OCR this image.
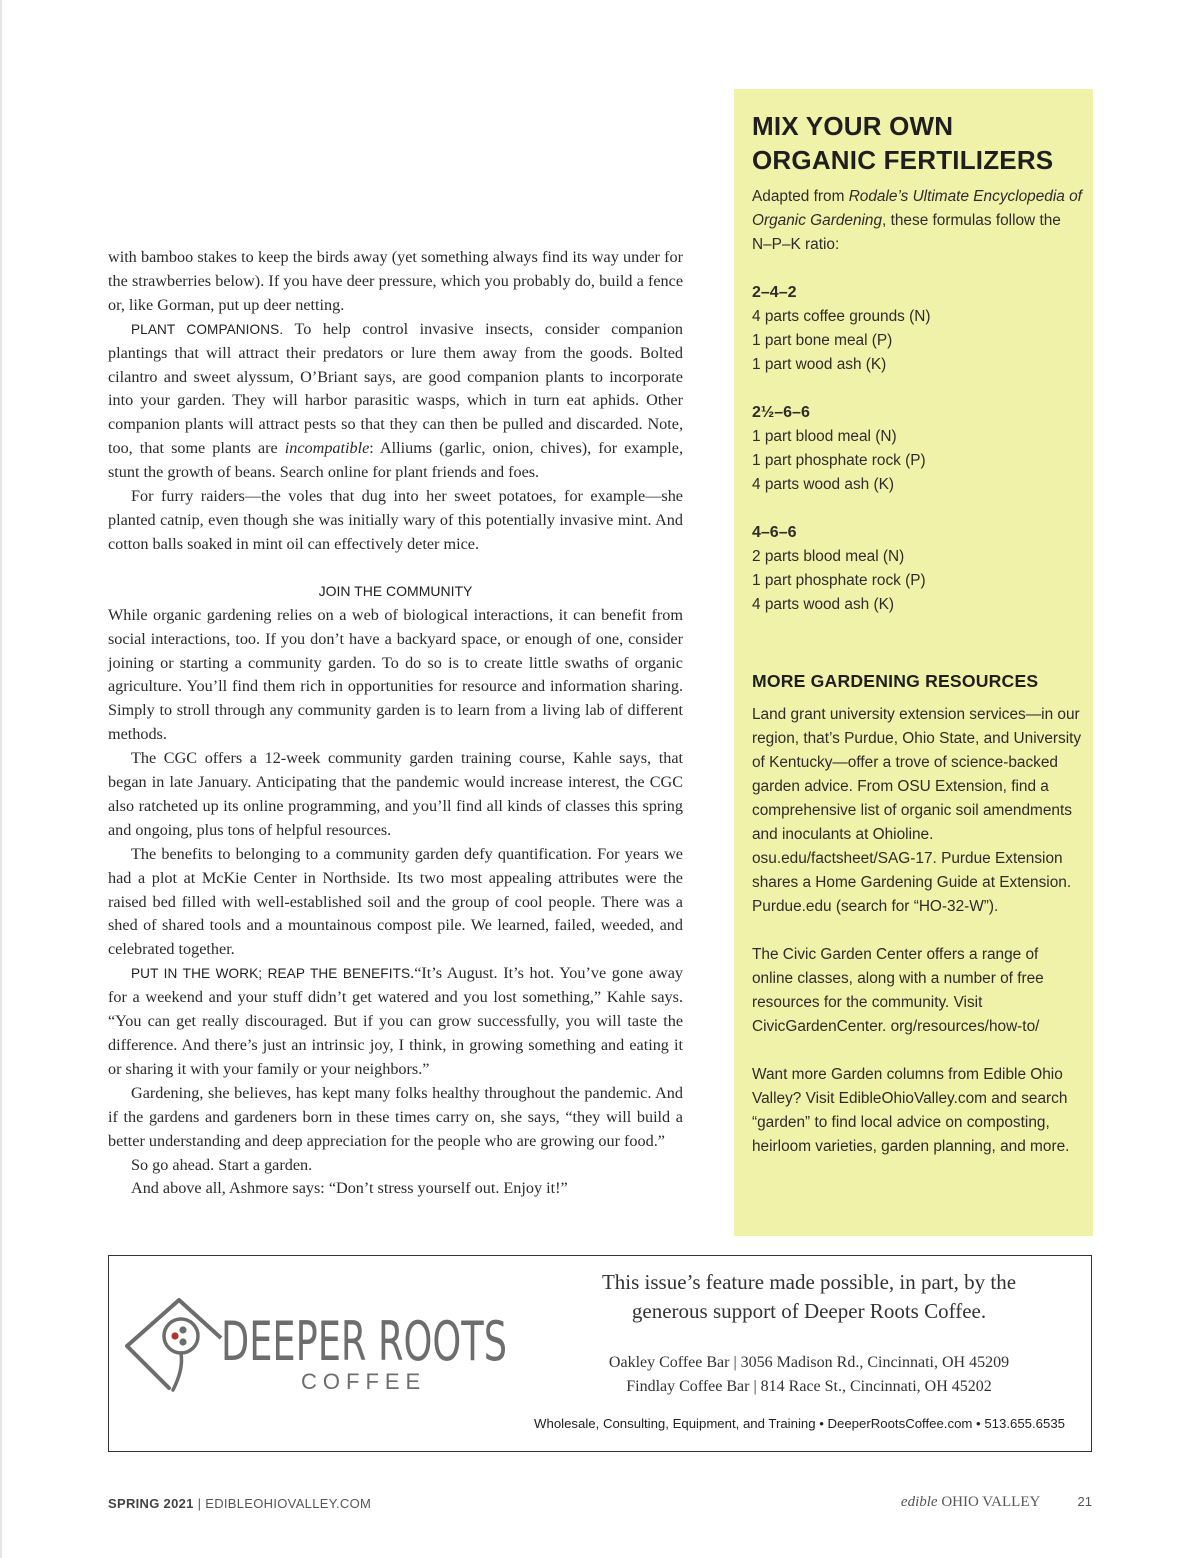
with bamboo stakes to keep the birds away (yet something always find its way under for the strawberries below). If you have deer pressure, which you probably do, build a fence or, like Gorman, put up deer netting.

PLANT COMPANIONS. To help control invasive insects, consider companion plantings that will attract their predators or lure them away from the goods. Bolted cilantro and sweet alyssum, O’Briant says, are good companion plants to incorporate into your garden. They will harbor parasitic wasps, which in turn eat aphids. Other companion plants will attract pests so that they can then be pulled and discarded. Note, too, that some plants are incompatible: Alliums (garlic, onion, chives), for example, stunt the growth of beans. Search online for plant friends and foes.

For furry raiders—the voles that dug into her sweet potatoes, for example—she planted catnip, even though she was initially wary of this potentially invasive mint. And cotton balls soaked in mint oil can effectively deter mice.

JOIN THE COMMUNITY

While organic gardening relies on a web of biological interactions, it can benefit from social interactions, too. If you don’t have a backyard space, or enough of one, consider joining or starting a community garden. To do so is to create little swaths of organic agriculture. You’ll find them rich in opportunities for resource and information sharing. Simply to stroll through any community garden is to learn from a living lab of different methods.

The CGC offers a 12-week community garden training course, Kahle says, that began in late January. Anticipating that the pandemic would increase interest, the CGC also ratcheted up its online programming, and you’ll find all kinds of classes this spring and ongoing, plus tons of helpful resources.

The benefits to belonging to a community garden defy quantification. For years we had a plot at McKie Center in Northside. Its two most appealing attributes were the raised bed filled with well-established soil and the group of cool people. There was a shed of shared tools and a mountainous compost pile. We learned, failed, weeded, and celebrated together.

PUT IN THE WORK; REAP THE BENEFITS.“It’s August. It’s hot. You’ve gone away for a weekend and your stuff didn’t get watered and you lost something,” Kahle says. “You can get really discouraged. But if you can grow successfully, you will taste the difference. And there’s just an intrinsic joy, I think, in growing something and eating it or sharing it with your family or your neighbors.”

Gardening, she believes, has kept many folks healthy throughout the pandemic. And if the gardens and gardeners born in these times carry on, she says, “they will build a better understanding and deep appreciation for the people who are growing our food.”

So go ahead. Start a garden.

And above all, Ashmore says: “Don’t stress yourself out. Enjoy it!”

MIX YOUR OWN
ORGANIC FERTILIZERS
Adapted from Rodale’s Ultimate Encyclopedia of Organic Gardening, these formulas follow the N–P–K ratio:
2–4–2
4 parts coffee grounds (N)
1 part bone meal (P)
1 part wood ash (K)
2½–6–6
1 part blood meal (N)
1 part phosphate rock (P)
4 parts wood ash (K)
4–6–6
2 parts blood meal (N)
1 part phosphate rock (P)
4 parts wood ash (K)
MORE GARDENING RESOURCES
Land grant university extension services—in our region, that’s Purdue, Ohio State, and University of Kentucky—offer a trove of science-backed garden advice. From OSU Extension, find a comprehensive list of organic soil amendments and inoculants at Ohioline. osu.edu/factsheet/SAG-17. Purdue Extension shares a Home Gardening Guide at Extension. Purdue.edu (search for “HO-32-W”).
The Civic Garden Center offers a range of online classes, along with a number of free resources for the community. Visit CivicGardenCenter. org/resources/how-to/
Want more Garden columns from Edible Ohio Valley? Visit EdibleOhioValley.com and search “garden” to find local advice on composting, heirloom varieties, garden planning, and more.
DEEPER ROOTS
COFFEE
This issue’s feature made possible, in part, by the
generous support of Deeper Roots Coffee.
Oakley Coffee Bar | 3056 Madison Rd., Cincinnati, OH 45209
Findlay Coffee Bar | 814 Race St., Cincinnati, OH 45202
Wholesale, Consulting, Equipment, and Training • DeeperRootsCoffee.com • 513.655.6535
SPRING 2021 | EDIBLEOHIOVALLEY.COM	edible OHIO VALLEY	21
